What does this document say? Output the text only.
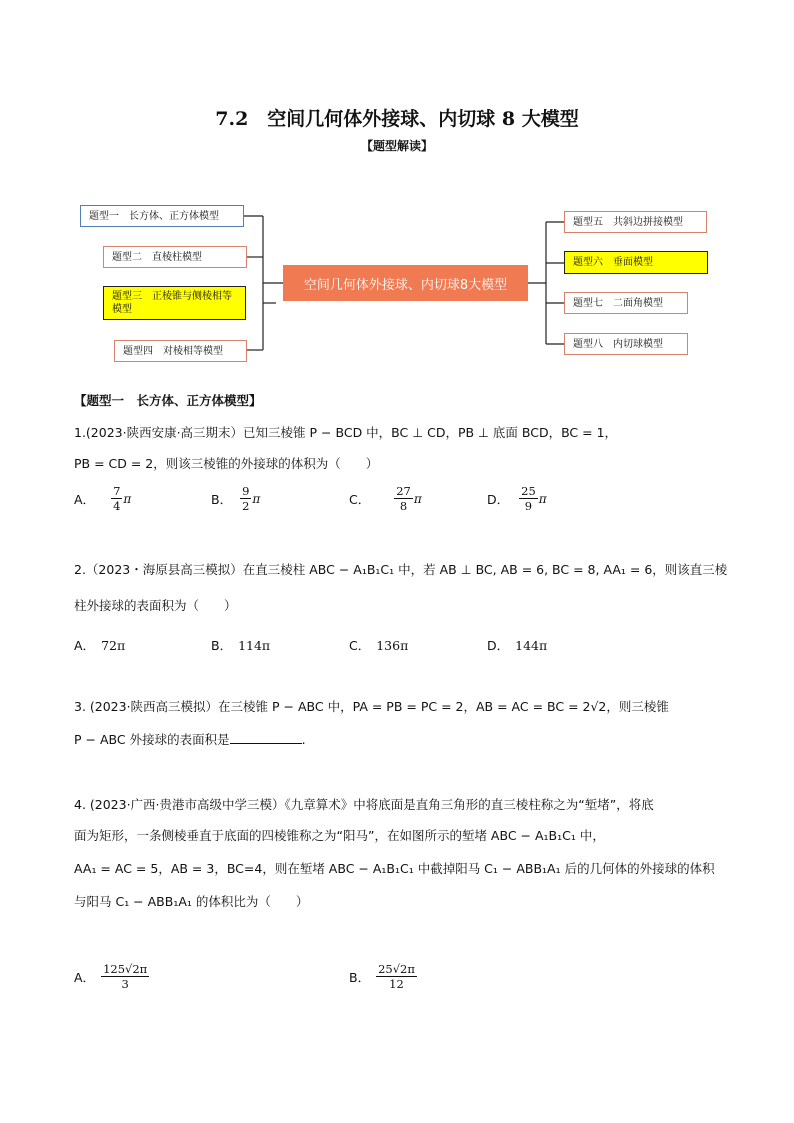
7.2　空间几何体外接球、内切球 8 大模型
【题型解读】
题型一　长方体、正方体模型
题型二　直棱柱模型
题型三　正棱锥与侧棱相等模型
题型四　对棱相等模型
空间几何体外接球、内切球8大模型
题型五　共斜边拼接模型
题型六　垂面模型
题型七　二面角模型
题型八　内切球模型
【题型一　长方体、正方体模型】
1.(2023·陕西安康·高三期末）已知三棱锥 P − BCD 中，BC ⊥ CD，PB ⊥ 底面 BCD，BC = 1，
PB = CD = 2，则该三棱锥的外接球的体积为（　　）
A． $\frac{7}{4}$ π	B． $\frac{9}{2}$ π	C． $\frac{27}{8}$ π	D． $\frac{25}{9}$ π
2.（2023・海原县高三模拟）在直三棱柱 ABC − A₁B₁C₁ 中，若 AB ⊥ BC, AB = 6, BC = 8, AA₁ = 6，则该直三棱
柱外接球的表面积为（　　）
A． 72π	B． 114π	C． 136π	D． 144π
3. (2023·陕西高三模拟）在三棱锥 P − ABC 中，PA = PB = PC = 2，AB = AC = BC = 2√2，则三棱锥
P − ABC 外接球的表面积是	.
4. (2023·广西·贵港市高级中学三模）《九章算术》中将底面是直角三角形的直三棱柱称之为“堑堵”，将底
面为矩形，一条侧棱垂直于底面的四棱锥称之为“阳马”，在如图所示的堑堵 ABC − A₁B₁C₁ 中，
AA₁ = AC = 5，AB = 3，BC=4，则在堑堵 ABC − A₁B₁C₁ 中截掉阳马 C₁ − ABB₁A₁ 后的几何体的外接球的体积
与阳马 C₁ − ABB₁A₁ 的体积比为（　　）
A． $\frac{125√2\pi}{3}$	B． $\frac{25√2\pi}{12}$
